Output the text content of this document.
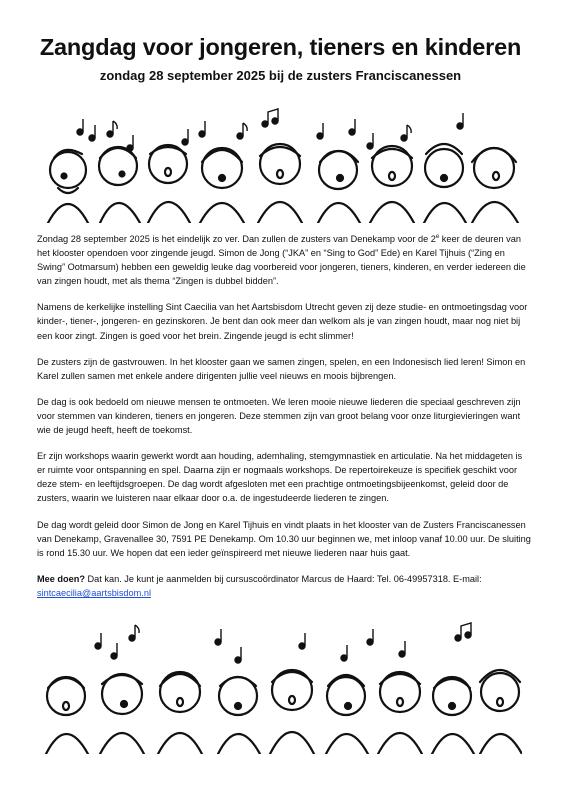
Zangdag voor jongeren, tieners en kinderen
zondag 28 september 2025 bij de zusters Franciscanessen

Zondag 28 september 2025 is het eindelijk zo ver. Dan zullen de zusters van Denekamp voor de 2e keer de deuren van het klooster opendoen voor zingende jeugd. Simon de Jong (“JKA” en “Sing to God” Ede) en Karel Tijhuis (“Zing en Swing” Ootmarsum) hebben een geweldig leuke dag voorbereid voor jongeren, tieners, kinderen, en verder iedereen die van zingen houdt, met als thema “Zingen is dubbel bidden”.

Namens de kerkelijke instelling Sint Caecilia van het Aartsbisdom Utrecht geven zij deze studie- en ontmoetingsdag voor kinder-, tiener-, jongeren- en gezinskoren. Je bent dan ook meer dan welkom als je van zingen houdt, maar nog niet bij een koor zingt. Zingen is goed voor het brein. Zingende jeugd is echt slimmer!

De zusters zijn de gastvrouwen. In het klooster gaan we samen zingen, spelen, en een Indonesisch lied leren! Simon en Karel zullen samen met enkele andere dirigenten jullie veel nieuws en moois bijbrengen.

De dag is ook bedoeld om nieuwe mensen te ontmoeten. We leren mooie nieuwe liederen die speciaal geschreven zijn voor stemmen van kinderen, tieners en jongeren. Deze stemmen zijn van groot belang voor onze liturgievieringen want wie de jeugd heeft, heeft de toekomst.

Er zijn workshops waarin gewerkt wordt aan houding, ademhaling, stemgymnastiek en articulatie. Na het middageten is er ruimte voor ontspanning en spel. Daarna zijn er nogmaals workshops. De repertoirekeuze is specifiek geschikt voor deze stem- en leeftijdsgroepen. De dag wordt afgesloten met een prachtige ontmoetingsbijeenkomst, geleid door de zusters, waarin we luisteren naar elkaar door o.a. de ingestudeerde liederen te zingen.

De dag wordt geleid door Simon de Jong en Karel Tijhuis en vindt plaats in het klooster van de Zusters Franciscanessen van Denekamp, Gravenallee 30, 7591 PE Denekamp. Om 10.30 uur beginnen we, met inloop vanaf 10.00 uur. De sluiting is rond 15.30 uur. We hopen dat een ieder geïnspireerd met nieuwe liederen naar huis gaat.

Mee doen? Dat kan. Je kunt je aanmelden bij cursuscoördinator Marcus de Haard: Tel. 06-49957318. E-mail:
sintcaecilia@aartsbisdom.nl
